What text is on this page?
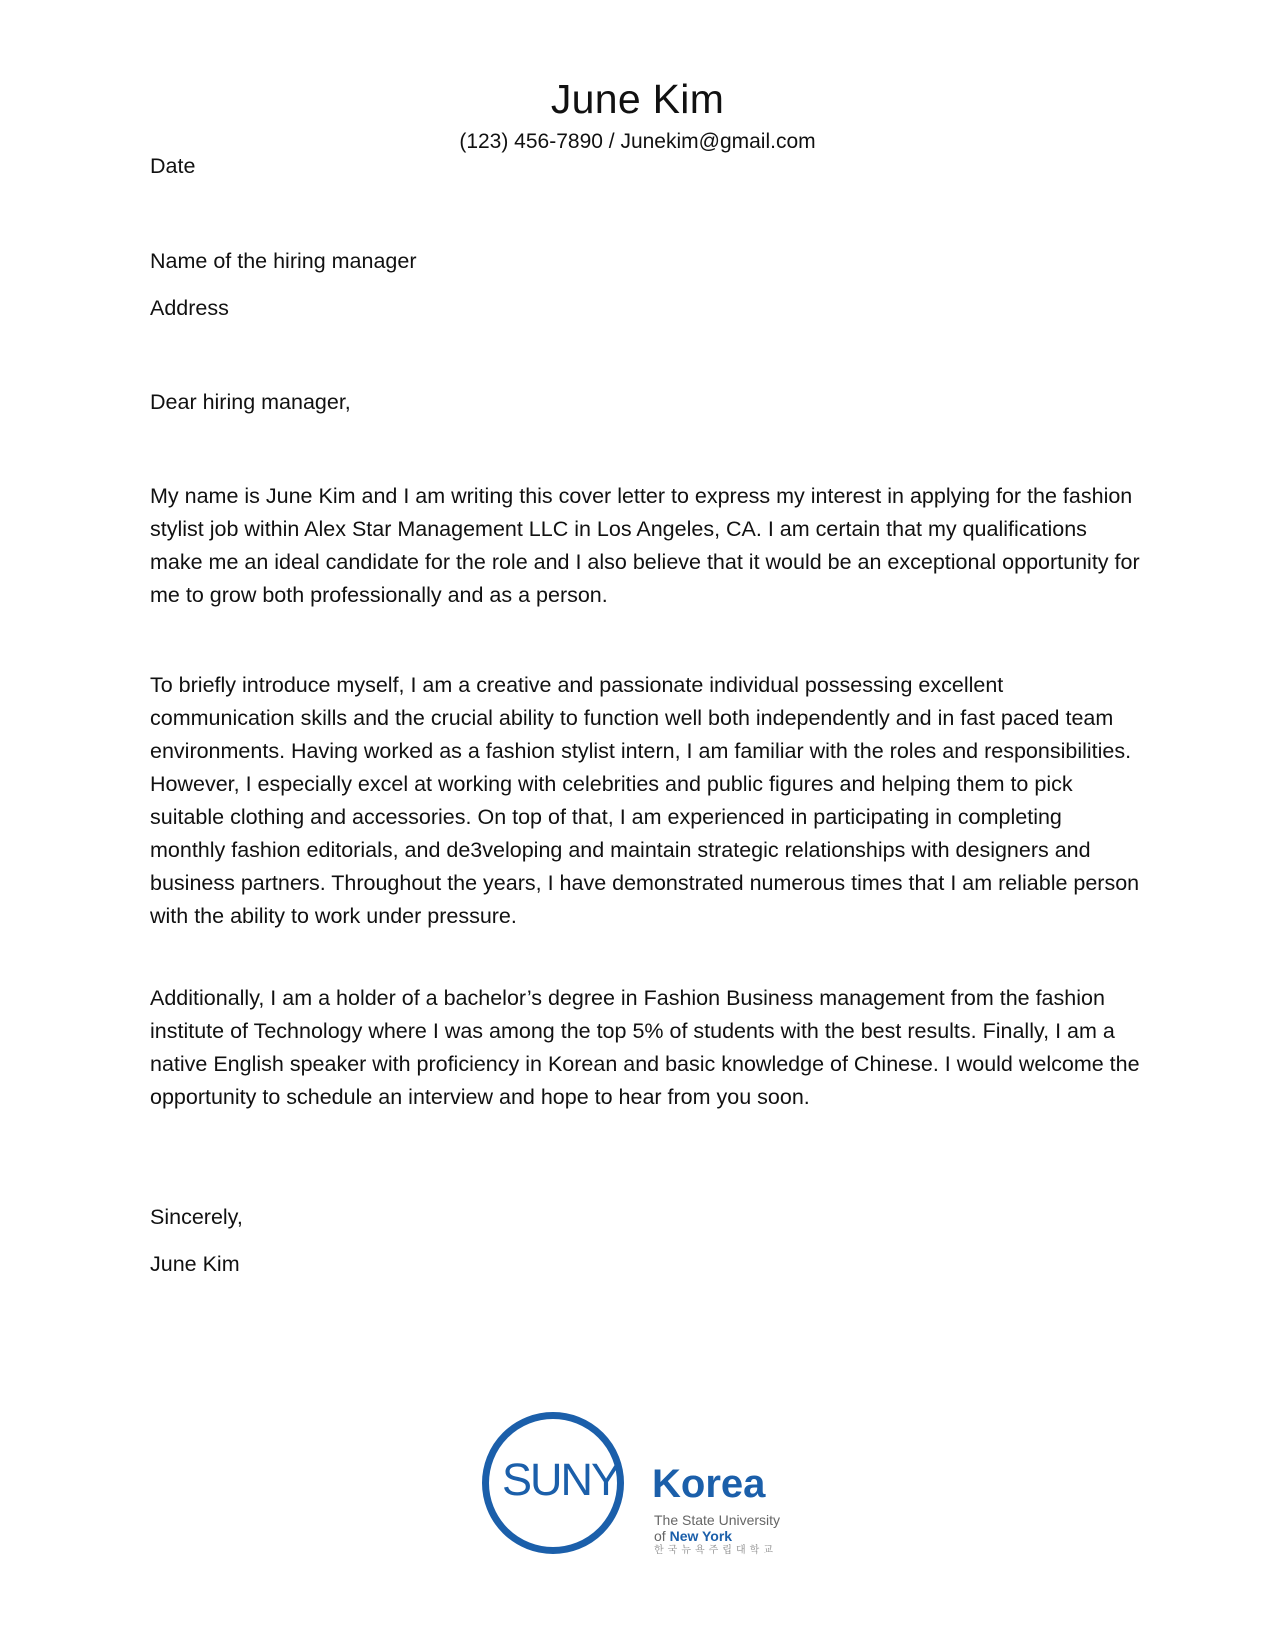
June Kim
(123) 456-7890 / Junekim@gmail.com
Date
Name of the hiring manager
Address
Dear hiring manager,
My name is June Kim and I am writing this cover letter to express my interest in applying for the fashion stylist job within Alex Star Management LLC in Los Angeles, CA. I am certain that my qualifications make me an ideal candidate for the role and I also believe that it would be an exceptional opportunity for me to grow both professionally and as a person.
To briefly introduce myself, I am a creative and passionate individual possessing excellent communication skills and the crucial ability to function well both independently and in fast paced team environments. Having worked as a fashion stylist intern, I am familiar with the roles and responsibilities. However, I especially excel at working with celebrities and public figures and helping them to pick suitable clothing and accessories. On top of that, I am experienced in participating in completing monthly fashion editorials, and de3veloping and maintain strategic relationships with designers and business partners. Throughout the years, I have demonstrated numerous times that I am reliable person with the ability to work under pressure.
Additionally, I am a holder of a bachelor’s degree in Fashion Business management from the fashion institute of Technology where I was among the top 5% of students with the best results. Finally, I am a native English speaker with proficiency in Korean and basic knowledge of Chinese. I would welcome the opportunity to schedule an interview and hope to hear from you soon.
Sincerely,
June Kim
SUNY Korea
The State University
of New York
한국뉴욕주립대학교
